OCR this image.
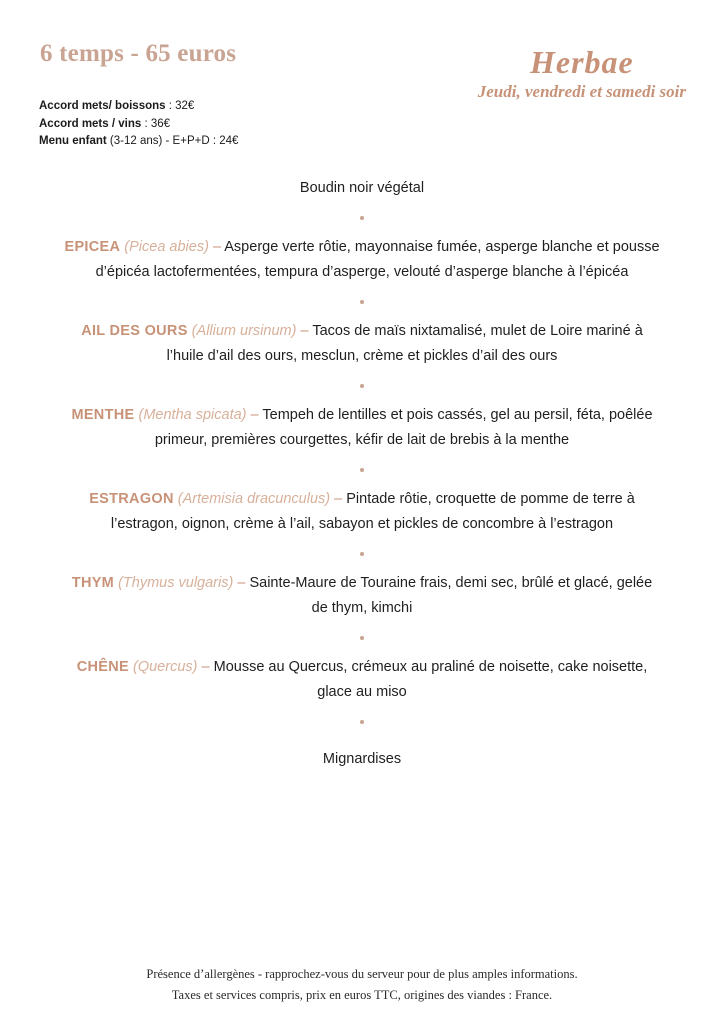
6 temps - 65 euros
Accord mets/ boissons : 32€
Accord mets / vins : 36€
Menu enfant (3-12 ans) - E+P+D : 24€
Herbae
Jeudi, vendredi et samedi soir
Boudin noir végétal
EPICEA (Picea abies) – Asperge verte rôtie, mayonnaise fumée, asperge blanche et pousse d’épicéa lactofermentées, tempura d’asperge, velouté d’asperge blanche à l’épicéa
AIL DES OURS (Allium ursinum) – Tacos de maïs nixtamalisé, mulet de Loire mariné à l’huile d’ail des ours, mesclun, crème et pickles d’ail des ours
MENTHE (Mentha spicata) – Tempeh de lentilles et pois cassés, gel au persil, féta, poêlée primeur, premières courgettes, kéfir de lait de brebis à la menthe
ESTRAGON (Artemisia dracunculus) – Pintade rôtie, croquette de pomme de terre à l’estragon, oignon, crème à l’ail, sabayon et pickles de concombre à l’estragon
THYM (Thymus vulgaris) – Sainte-Maure de Touraine frais, demi sec, brûlé et glacé, gelée de thym, kimchi
CHÊNE (Quercus) – Mousse au Quercus, crémeux au praliné de noisette, cake noisette, glace au miso
Mignardises
Présence d’allergènes - rapprochez-vous du serveur pour de plus amples informations.
Taxes et services compris, prix en euros TTC, origines des viandes : France.
